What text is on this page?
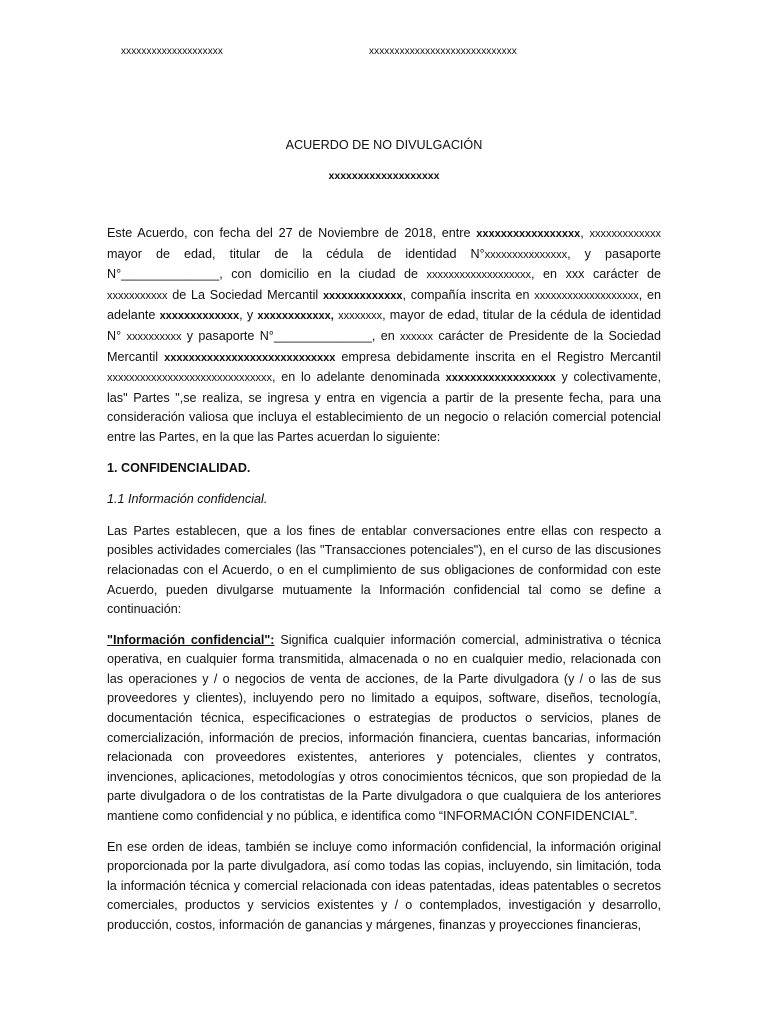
xxxxxxxxxxxxxxxxxxxx	xxxxxxxxxxxxxxxxxxxxxxxxxxxxx
ACUERDO DE NO DIVULGACIÓN
xxxxxxxxxxxxxxxxxxx

Este Acuerdo, con fecha del 27 de Noviembre de 2018, entre xxxxxxxxxxxxxxxxx, xxxxxxxxxxxxx mayor de edad, titular de la cédula de identidad N°xxxxxxxxxxxxxxx, y pasaporte N°______________, con domicilio en la ciudad de xxxxxxxxxxxxxxxxxxx, en xxx carácter de xxxxxxxxxxx de La Sociedad Mercantil xxxxxxxxxxxxx, compañía inscrita en xxxxxxxxxxxxxxxxxxx, en adelante xxxxxxxxxxxxx, y xxxxxxxxxxxx, xxxxxxxx, mayor de edad, titular de la cédula de identidad N° xxxxxxxxxx y pasaporte N°______________, en xxxxxx carácter de Presidente de la Sociedad Mercantil xxxxxxxxxxxxxxxxxxxxxxxxxxxx empresa debidamente inscrita en el Registro Mercantil xxxxxxxxxxxxxxxxxxxxxxxxxxxxxx, en lo adelante denominada xxxxxxxxxxxxxxxxxx y colectivamente, las" Partes ",se realiza, se ingresa y entra en vigencia a partir de la presente fecha, para una consideración valiosa que incluya el establecimiento de un negocio o relación comercial potencial entre las Partes, en la que las Partes acuerdan lo siguiente:

1. CONFIDENCIALIDAD.
1.1 Información confidencial.

Las Partes establecen, que a los fines de entablar conversaciones entre ellas con respecto a posibles actividades comerciales (las "Transacciones potenciales"), en el curso de las discusiones relacionadas con el Acuerdo, o en el cumplimiento de sus obligaciones de conformidad con este Acuerdo, pueden divulgarse mutuamente la Información confidencial tal como se define a continuación:

"Información confidencial": Significa cualquier información comercial, administrativa o técnica operativa, en cualquier forma transmitida, almacenada o no en cualquier medio, relacionada con las operaciones y / o negocios de venta de acciones, de la Parte divulgadora (y / o las de sus proveedores y clientes), incluyendo pero no limitado a equipos, software, diseños, tecnología, documentación técnica, especificaciones o estrategias de productos o servicios, planes de comercialización, información de precios, información financiera, cuentas bancarias, información relacionada con proveedores existentes, anteriores y potenciales, clientes y contratos, invenciones, aplicaciones, metodologías y otros conocimientos técnicos, que son propiedad de la parte divulgadora o de los contratistas de la Parte divulgadora o que cualquiera de los anteriores mantiene como confidencial y no pública, e identifica como “INFORMACIÓN CONFIDENCIAL”.

En ese orden de ideas, también se incluye como información confidencial, la información original proporcionada por la parte divulgadora, así como todas las copias, incluyendo, sin limitación, toda la información técnica y comercial relacionada con ideas patentadas, ideas patentables o secretos comerciales, productos y servicios existentes y / o contemplados, investigación y desarrollo, producción, costos, información de ganancias y márgenes, finanzas y proyecciones financieras,
